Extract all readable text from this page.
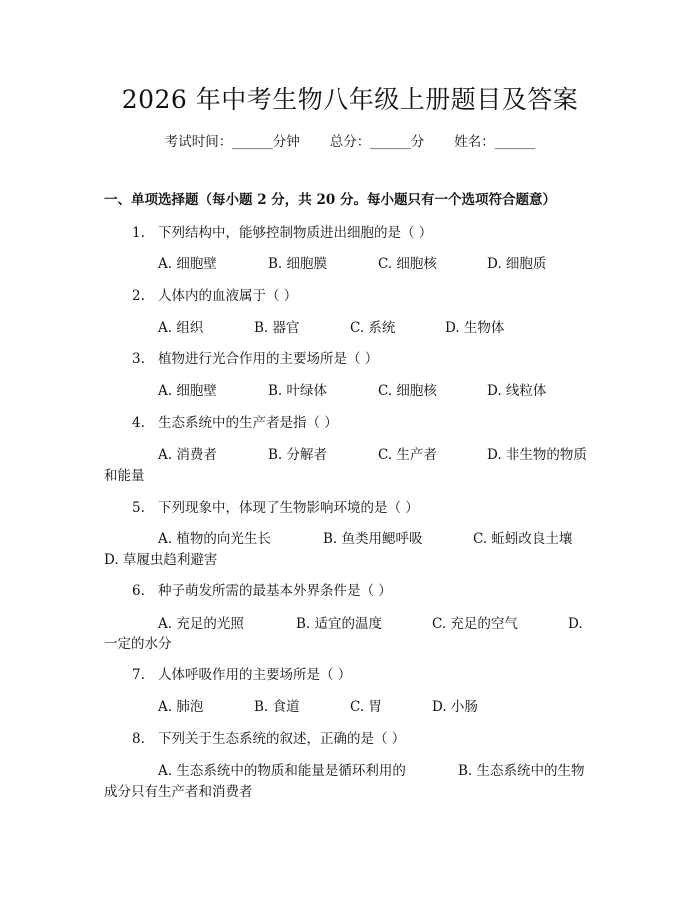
2026 年中考生物八年级上册题目及答案
考试时间：______分钟 总分：______分 姓名：______
一、单项选择题（每小题 2 分，共 20 分。每小题只有一个选项符合题意）
1. 下列结构中，能够控制物质进出细胞的是（ ）
A. 细胞壁	B. 细胞膜	C. 细胞核	D. 细胞质
2. 人体内的血液属于（ ）
A. 组织	B. 器官	C. 系统	D. 生物体
3. 植物进行光合作用的主要场所是（ ）
A. 细胞壁	B. 叶绿体	C. 细胞核	D. 线粒体
4. 生态系统中的生产者是指（ ）
A. 消费者	B. 分解者	C. 生产者	D. 非生物的物质
和能量
5. 下列现象中，体现了生物影响环境的是（ ）
A. 植物的向光生长	B. 鱼类用鳃呼吸	C. 蚯蚓改良土壤
D. 草履虫趋利避害
6. 种子萌发所需的最基本外界条件是（ ）
A. 充足的光照	B. 适宜的温度	C. 充足的空气	D.
一定的水分
7. 人体呼吸作用的主要场所是（ ）
A. 肺泡	B. 食道	C. 胃	D. 小肠
8. 下列关于生态系统的叙述，正确的是（ ）
A. 生态系统中的物质和能量是循环利用的	B. 生态系统中的生物
成分只有生产者和消费者
